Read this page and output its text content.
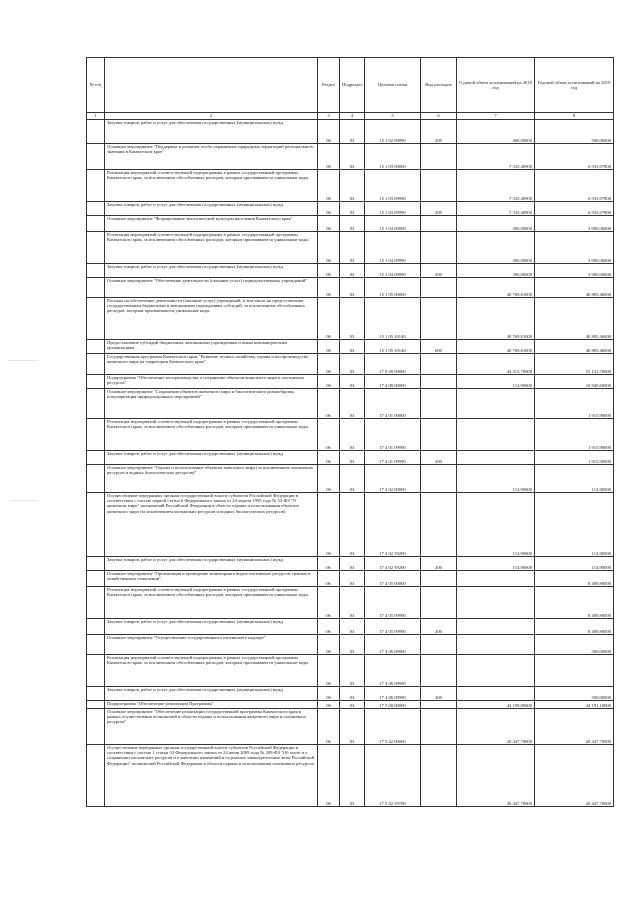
№ п/п		Раздел	Подраздел	Целевая статья	Вид расходов	Годовой объем ассигнований на 2018 год	Годовой объем ассигнований на 2019 год
1	2	3	4	5	6	7	8
	Закупка товаров, работ и услуг для обеспечения государственных (муниципальных) нужд	06	03	15 1 02 09990	200	400,00000	500,00000
	Основное мероприятие "Поддержка и развитие особо охраняемых природных территорий регионального значения в Камчатском крае"	06	03	15 1 03 00000		7 335,40900	6 933,97800
	Реализация мероприятий соответствующей подпрограммы в рамках государственной программы Камчатского края, за исключением обособленных расходов, которым присваиваются уникальные коды	06	03	15 1 03 09990		7 335,40900	6 933,97800
	Закупка товаров, работ и услуг для обеспечения государственных (муниципальных) нужд	06	03	15 1 03 09990	200	7 335,40900	6 933,97800
	Основное мероприятие "Формирование экологической культуры населения Камчатского края"	06	03	15 1 04 00000		300,00000	3 000,00000
	Реализация мероприятий соответствующей подпрограммы в рамках государственной программы Камчатского края, за исключением обособленных расходов, которым присваиваются уникальные коды	06	03	15 1 04 09990		300,00000	3 000,00000
	Закупка товаров, работ и услуг для обеспечения государственных (муниципальных) нужд	06	03	15 1 04 09990	200	300,00000	3 000,00000
	Основное мероприятие "Обеспечение деятельности (оказание услуг) подведомственных учреждений"	06	03	15 1 05 00000		40 769,81000	40 805,46000
	Расходы на обеспечение деятельности (оказание услуг) учреждений, в том числе на предоставление государственным бюджетным и автономным учреждениям субсидий, за исключением обособленных расходов, которым присваиваются уникальные коды	06	03	15 1 05 10140		40 769,81000	40 805,46000
	Предоставление субсидий бюджетным, автономным учреждениям и иным некоммерческим организациям	06	03	15 1 05 10140	600	40 769,81000	40 805,46000
	Государственная программа Камчатского края "Развитие лесного хозяйства, охрана и воспроизводство животного мира на территории Камчатского края"	06	03	17 0 00 00000		44 313,70000	55 131,70000
	Подпрограмма "Обеспечение воспроизводства и сохранение объектов животного мира и охотничьих ресурсов"	06	03	17 4 00 00000		114,90000	10 940,60000
	Основное мероприятие "Сохранение объектов животного мира и биологического разнообразия, популяризация природоохранных мероприятий"	06	03	17 4 01 00000			1 915,90000
	Реализация мероприятий соответствующей подпрограммы в рамках государственной программы Камчатского края, за исключением обособленных расходов, которым присваиваются уникальные коды	06	03	17 4 01 09990			1 915,90000
	Закупка товаров, работ и услуг для обеспечения государственных (муниципальных) нужд	06	03	17 4 01 09990	200		1 915,90000
	Основное мероприятие "Охрана и использование объектов животного мира (за исключением охотничьих ресурсов и водных биологических ресурсов)"	06	03	17 4 02 00000		114,90000	114,90000
	Осуществление переданных органам государственной власти субъектов Российской Федерации в соответствии с частью первой статьи 6 Федерального закона от 24 апреля 1995 года № 52-ФЗ "О животном мире" полномочий Российской Федерации в области охраны и использования объектов животного мира (за исключением охотничьих ресурсов и водных биологических ресурсов)	06	03	17 4 02 59200		114,90000	114,90000
	Закупка товаров, работ и услуг для обеспечения государственных (муниципальных) нужд	06	03	17 4 02 59200	200	114,90000	114,90000
	Основное мероприятие "Организация и проведение мониторинга видов охотничьих ресурсов, ценных в хозяйственном отношении"	06	03	17 4 05 00000			8 409,80000
	Реализация мероприятий соответствующей подпрограммы в рамках государственной программы Камчатского края, за исключением обособленных расходов, которым присваиваются уникальные коды	06	03	17 4 05 09990			8 409,80000
	Закупка товаров, работ и услуг для обеспечения государственных (муниципальных) нужд	06	03	17 4 05 09990	200		8 409,80000
	Основное мероприятие "Осуществление государственного охотничьего надзора"	06	03	17 4 06 00000			500,00000
	Реализация мероприятий соответствующей подпрограммы в рамках государственной программы Камчатского края, за исключением обособленных расходов, которым присваиваются уникальные коды	06	03	17 4 06 09990			
	Закупка товаров, работ и услуг для обеспечения государственных (муниципальных) нужд	06	03	17 4 06 09990	200		500,00000
	Подпрограмма "Обеспечение реализации Программы"	06	03	17 5 00 00000		44 198,80000	44 191,10000
	Основное мероприятие "Обеспечение реализации государственной программы Камчатского края в рамках осуществления полномочий в области охраны и использования животного мира и охотничьих ресурсов"	06	03	17 5 02 00000		20 447,70000	20 447,70000
	Осуществление переданных органам государственной власти субъектов Российской Федерации в соответствии с частью 1 статьи 33 Федерального закона от 24 июля 2009 года № 209-ФЗ "Об охоте и о сохранении охотничьих ресурсов и о внесении изменений в отдельные законодательные акты Российской Федерации" полномочий Российской Федерации в области охраны и использования охотничьих ресурсов	06	03	17 5 02 59700		20 447,70000	20 447,70000
